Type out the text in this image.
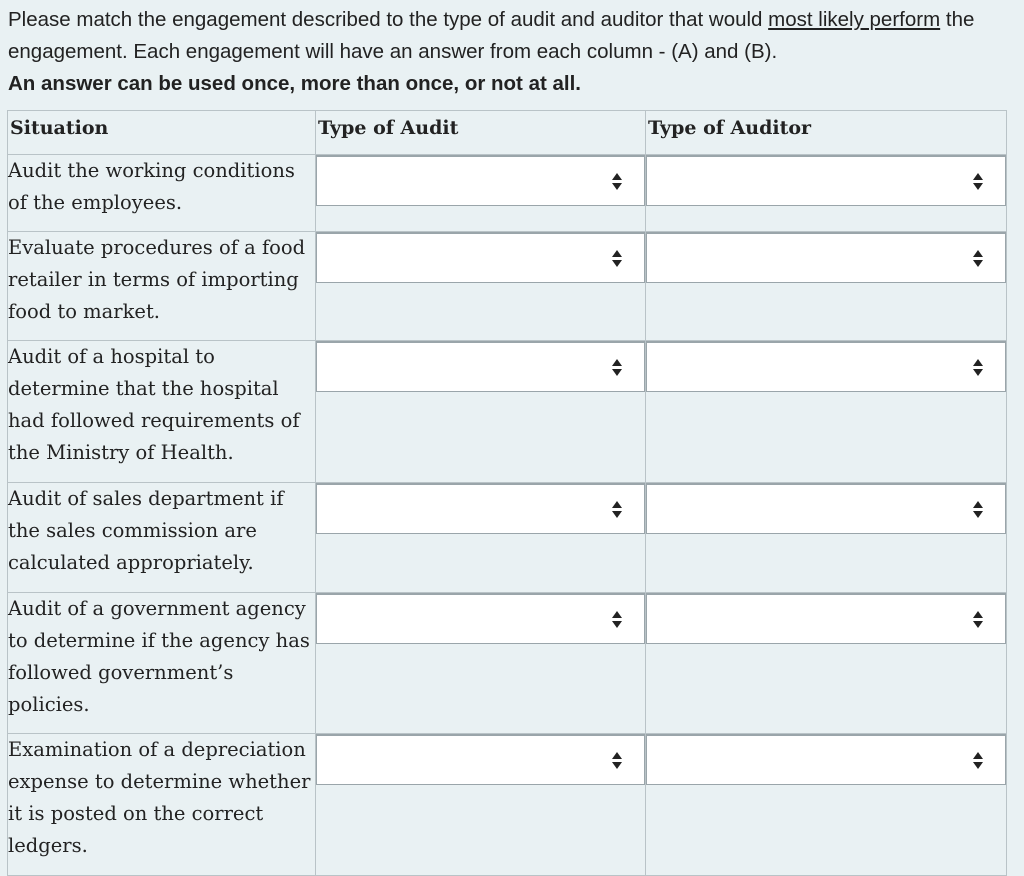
Please match the engagement described to the type of audit and auditor that would most likely perform the engagement. Each engagement will have an answer from each column - (A) and (B).
An answer can be used once, more than once, or not at all.
Situation	Type of Audit	Type of Auditor
Audit the working conditions of the employees.	

Evaluate procedures of a food retailer in terms of importing food to market.	

Audit of a hospital to determine that the hospital had followed requirements of the Ministry of Health.	

Audit of sales department if the sales commission are calculated appropriately.	

Audit of a government agency to determine if the agency has followed government’s policies.	

Examination of a depreciation expense to determine whether it is posted on the correct ledgers.	
